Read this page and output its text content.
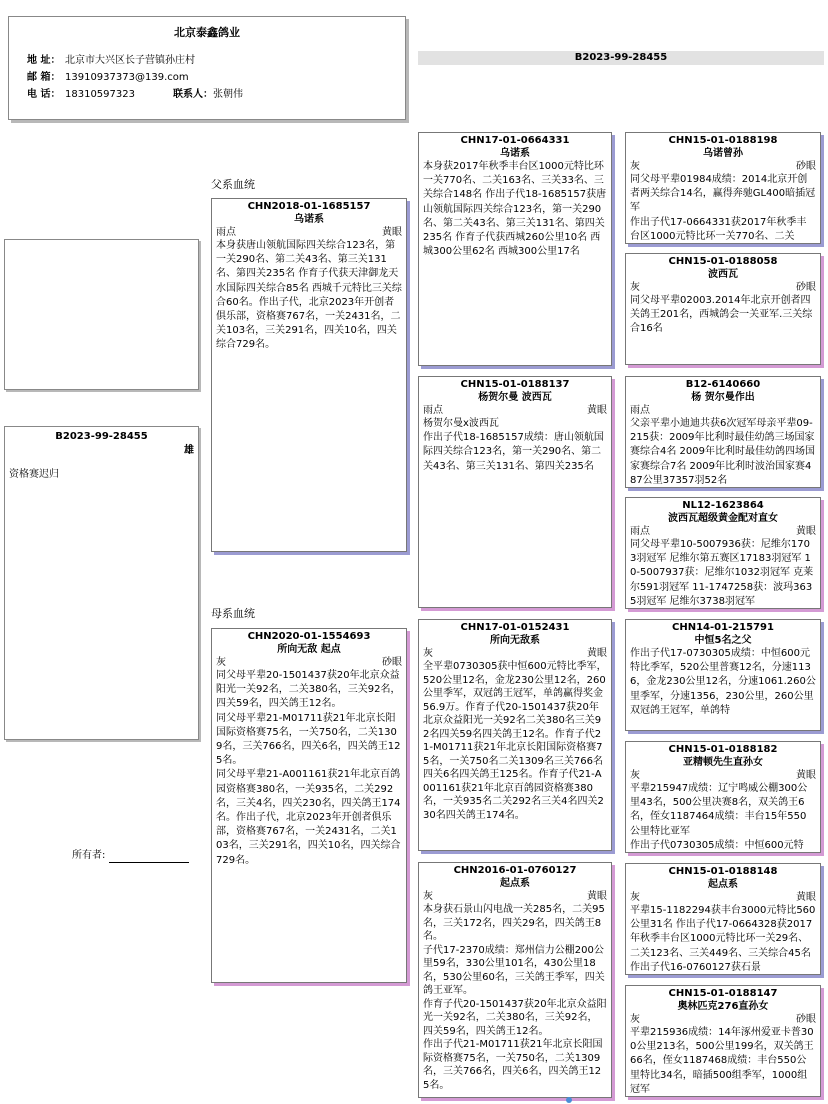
北京泰鑫鸽业
地 址： 北京市大兴区长子营镇孙庄村
邮 箱： 13910937373@139.com
电 话： 18310597323	联系人：张朝伟
B2023-99-28455
B2023-99-28455
雄
资格赛迟归
所有者:
父系血统
母系血统
CHN2018-01-1685157
乌诺系
雨点	黄眼
本身获唐山领航国际四关综合123名，第一关290名、第二关43名、第三关131名、第四关235名 作育子代获天津御龙天水国际四关综合85名 西城千元特比三关综合60名。作出子代，北京2023年开创者俱乐部，资格赛767名，一关2431名，二关103名，三关291名，四关10名，四关综合729名。
CHN2020-01-1554693
所向无敌 起点
灰	砂眼
同父母平辈20-1501437获20年北京众益阳光一关92名，二关380名，三关92名，四关59名，四关鸽王12名。
同父母平辈21-M01711获21年北京长阳国际资格赛75名，一关750名，二关1309名，三关766名，四关6名，四关鸽王125名。
同父母平辈21-A001161获21年北京百鸽园资格赛380名，一关935名，二关292名，三关4名，四关230名，四关鸽王174名。作出子代，北京2023年开创者俱乐部，资格赛767名，一关2431名，二关103名，三关291名，四关10名，四关综合729名。
CHN17-01-0664331
乌诺系
本身获2017年秋季丰台区1000元特比环一关770名、二关163名、三关33名、三关综合148名 作出子代18-1685157获唐山领航国际四关综合123名，第一关290名、第二关43名、第三关131名、第四关235名 作育子代获西城260公里10名 西城300公里62名 西城300公里17名
CHN15-01-0188137
杨贺尔曼 波西瓦
雨点	黄眼
杨贺尔曼x波西瓦
作出子代18-1685157成绩：唐山领航国际四关综合123名，第一关290名、第二关43名、第三关131名、第四关235名
CHN17-01-0152431
所向无敌系
灰	黄眼
全平辈0730305获中恒600元特比季军，520公里12名，金龙230公里12名，260公里季军，双冠鸽王冠军，单鸽赢得奖金56.9万。作育子代20-1501437获20年北京众益阳光一关92名二关380名三关92名四关59名四关鸽王12名。作育子代21-M01711获21年北京长阳国际资格赛75名，一关750名二关1309名三关766名四关6名四关鸽王125名。作育子代21-A001161获21年北京百鸽园资格赛380名，一关935名二关292名三关4名四关230名四关鸽王174名。
CHN2016-01-0760127
起点系
灰	黄眼
本身获石景山闪电战一关285名，二关95名，三关172名，四关29名，四关鸽王8名。
子代17-2370成绩：郑州信力公棚200公里59名，330公里101名，430公里18名，530公里60名，三关鸽王季军，四关鸽王亚军。
作育子代20-1501437获20年北京众益阳光一关92名，二关380名，三关92名，四关59名，四关鸽王12名。
作出子代21-M01711获21年北京长阳国际资格赛75名，一关750名，二关1309名，三关766名，四关6名，四关鸽王125名。
CHN15-01-0188198
乌诺曾孙
灰	砂眼
同父母平辈01984成绩：2014北京开创者两关综合14名，赢得奔驰GL400暗插冠军
作出子代17-0664331获2017年秋季丰台区1000元特比环一关770名、二关
CHN15-01-0188058
波西瓦
灰	砂眼
同父母平辈02003.2014年北京开创者四关鸽王201名，西城鸽会一关亚军.三关综合16名
B12-6140660
杨 贺尔曼作出
雨点
父亲平辈小迪迪共获6次冠军母亲平辈09-215获：2009年比利时最佳幼鸽三场国家赛综合4名 2009年比利时最佳幼鸽四场国家赛综合7名 2009年比利时波治国家赛487公里37357羽52名
NL12-1623864
波西瓦超级黄金配对直女
雨点	黄眼
同父母平辈10-5007936获：尼维尔1703羽冠军 尼维尔第五赛区17183羽冠军 10-5007937获：尼维尔1032羽冠军 克莱尔591羽冠军 11-1747258获：波玛3635羽冠军 尼维尔3738羽冠军
CHN14-01-215791
中恒5名之父
作出子代17-0730305成绩：中恒600元特比季军，520公里普赛12名，分速1136，金龙230公里12名，分速1061.260公里季军，分速1356，230公里，260公里双冠鸽王冠军，单鸽特
CHN15-01-0188182
亚精顿先生直孙女
灰	黄眼
平辈215947成绩：辽宁鸣威公棚300公里43名，500公里决赛8名，双关鸽王6名，侄女1187464成绩：丰台15年550公里特比亚军
作出子代0730305成绩：中恒600元特
CHN15-01-0188148
起点系
灰	黄眼
平辈15-1182294获丰台3000元特比560公里31名 作出子代17-0664328获2017年秋季丰台区1000元特比环一关29名、二关123名、三关449名、三关综合45名 作出子代16-0760127获石景
CHN15-01-0188147
奥林匹克276直孙女
灰	砂眼
平辈215936成绩：14年涿州爱亚卡普300公里213名，500公里199名，双关鸽王66名，侄女1187468成绩：丰台550公里特比34名，暗插500组季军，1000组冠军
